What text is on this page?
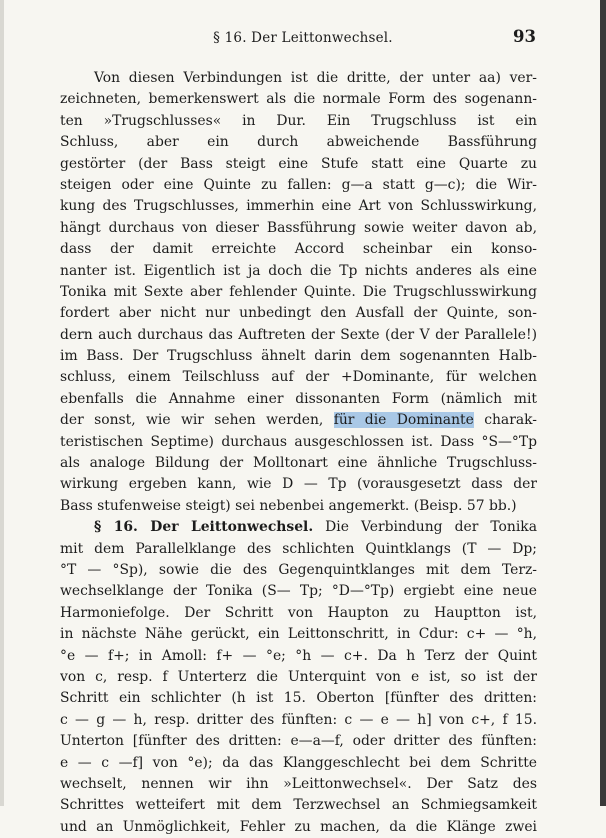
§ 16. Der Leittonwechsel.	93
Von diesen Verbindungen ist die dritte, der unter aa) ver-
zeichneten, bemerkenswert als die normale Form des sogenann-
ten »Trugschlusses« in Dur. Ein Trugschluss ist ein
Schluss, aber ein durch abweichende Bassführung
gestörter (der Bass steigt eine Stufe statt eine Quarte zu
steigen oder eine Quinte zu fallen: g—a statt g—c); die Wir-
kung des Trugschlusses, immerhin eine Art von Schlusswirkung,
hängt durchaus von dieser Bassführung sowie weiter davon ab,
dass der damit erreichte Accord scheinbar ein konso-
nanter ist. Eigentlich ist ja doch die Tp nichts anderes als eine
Tonika mit Sexte aber fehlender Quinte. Die Trugschlusswirkung
fordert aber nicht nur unbedingt den Ausfall der Quinte, son-
dern auch durchaus das Auftreten der Sexte (der V der Parallele!)
im Bass. Der Trugschluss ähnelt darin dem sogenannten Halb-
schluss, einem Teilschluss auf der +Dominante, für welchen
ebenfalls die Annahme einer dissonanten Form (nämlich mit
der sonst, wie wir sehen werden, für die Dominante charak-
teristischen Septime) durchaus ausgeschlossen ist. Dass °S—°Tp
als analoge Bildung der Molltonart eine ähnliche Trugschluss-
wirkung ergeben kann, wie D — Tp (vorausgesetzt dass der
Bass stufenweise steigt) sei nebenbei angemerkt. (Beisp. 57 bb.)
§ 16. Der Leittonwechsel. Die Verbindung der Tonika
mit dem Parallelklange des schlichten Quintklangs (T — Dp;
°T — °Sp), sowie die des Gegenquintklanges mit dem Terz-
wechselklange der Tonika (S— Tp; °D—°Tp) ergiebt eine neue
Harmoniefolge. Der Schritt von Haupton zu Hauptton ist,
in nächste Nähe gerückt, ein Leittonschritt, in Cdur: c+ — °h,
°e — f+; in Amoll: f+ — °e; °h — c+. Da h Terz der Quint
von c, resp. f Unterterz die Unterquint von e ist, so ist der
Schritt ein schlichter (h ist 15. Oberton [fünfter des dritten:
c — g — h, resp. dritter des fünften: c — e — h] von c+, f 15.
Unterton [fünfter des dritten: e—a—f, oder dritter des fünften:
e — c —f] von °e); da das Klanggeschlecht bei dem Schritte
wechselt, nennen wir ihn »Leittonwechsel«. Der Satz des
Schrittes wetteifert mit dem Terzwechsel an Schmiegsamkeit
und an Unmöglichkeit, Fehler zu machen, da die Klänge zwei
